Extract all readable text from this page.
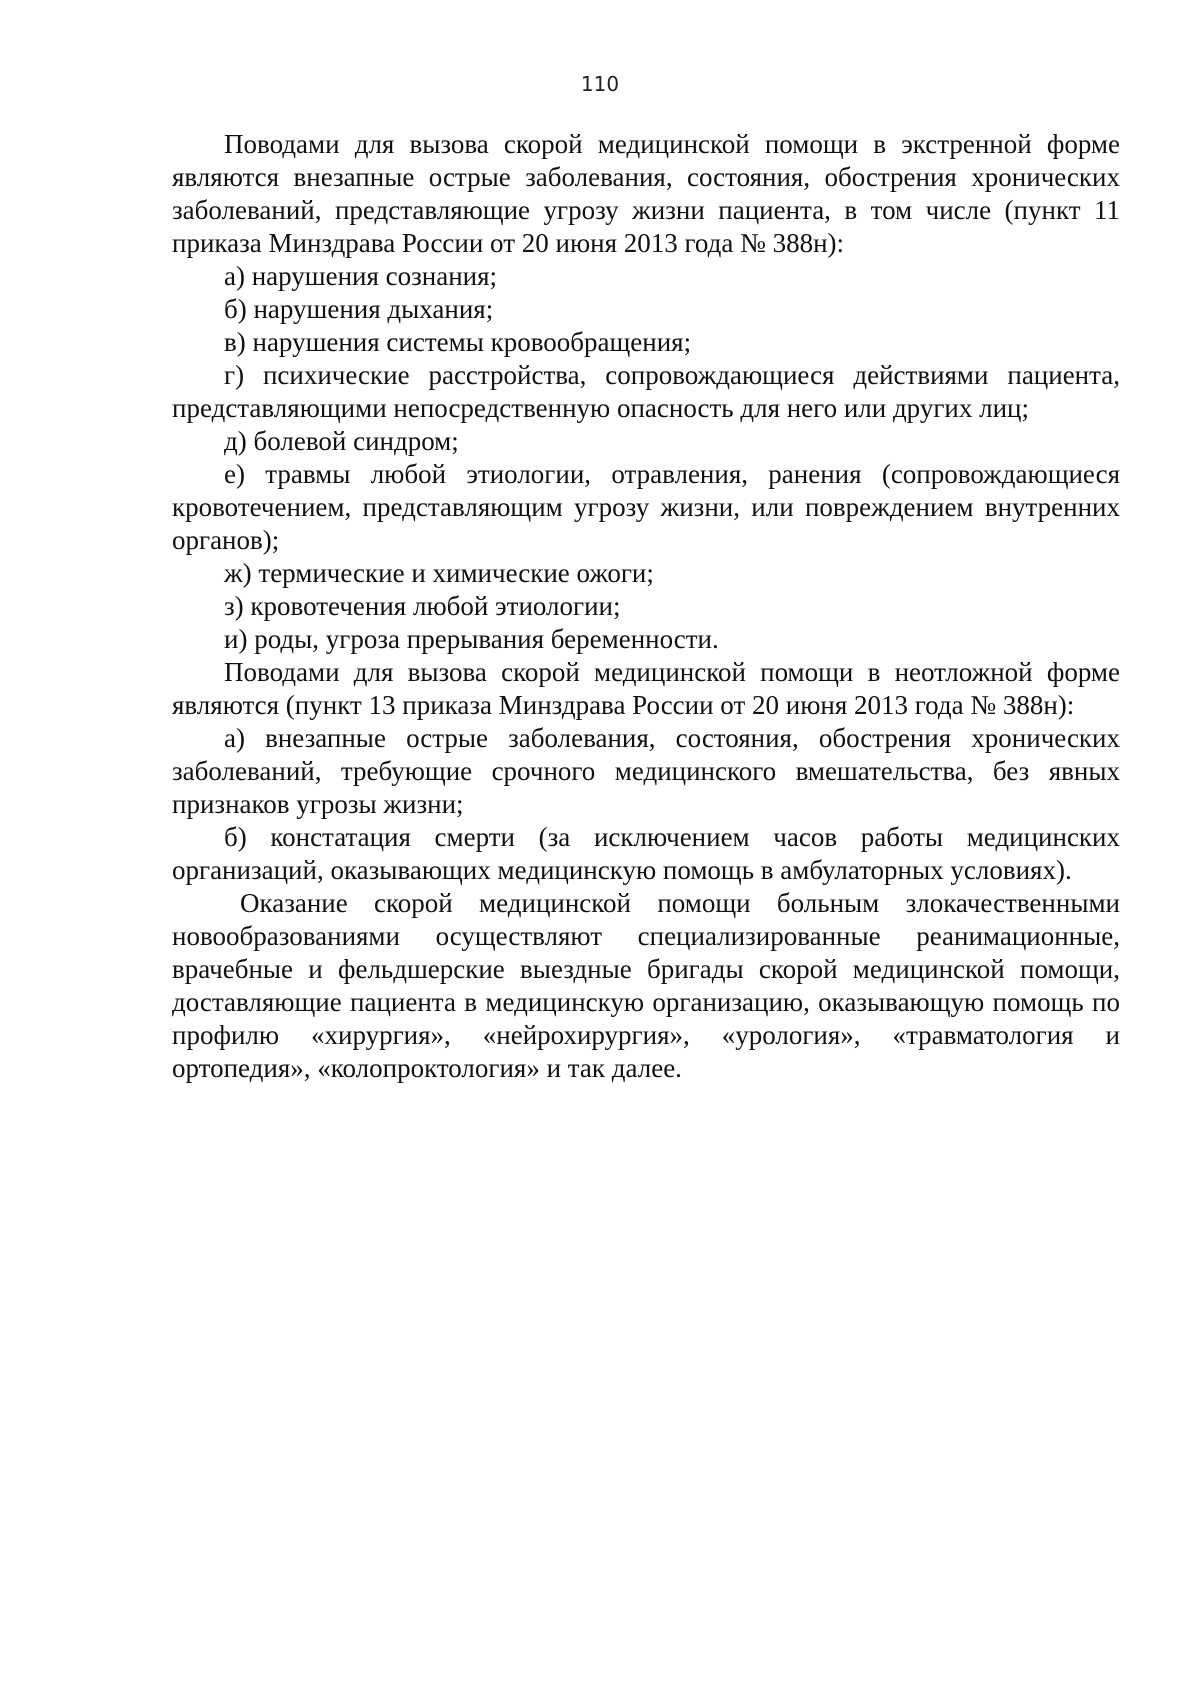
110

Поводами для вызова скорой медицинской помощи в экстренной форме являются внезапные острые заболевания, состояния, обострения хронических заболеваний, представляющие угрозу жизни пациента, в том числе (пункт 11 приказа Минздрава России от 20 июня 2013 года № 388н):

а) нарушения сознания;

б) нарушения дыхания;

в) нарушения системы кровообращения;

г) психические расстройства, сопровождающиеся действиями пациента, представляющими непосредственную опасность для него или других лиц;

д) болевой синдром;

е) травмы любой этиологии, отравления, ранения (сопровождающиеся кровотечением, представляющим угрозу жизни, или повреждением внутренних органов);

ж) термические и химические ожоги;

з) кровотечения любой этиологии;

и) роды, угроза прерывания беременности.

Поводами для вызова скорой медицинской помощи в неотложной форме являются (пункт 13 приказа Минздрава России от 20 июня 2013 года № 388н):

а) внезапные острые заболевания, состояния, обострения хронических заболеваний, требующие срочного медицинского вмешательства, без явных признаков угрозы жизни;

б) констатация смерти (за исключением часов работы медицинских организаций, оказывающих медицинскую помощь в амбулаторных условиях).

Оказание скорой медицинской помощи больным злокачественными новообразованиями осуществляют специализированные реанимационные, врачебные и фельдшерские выездные бригады скорой медицинской помощи, доставляющие пациента в медицинскую организацию, оказывающую помощь по профилю «хирургия», «нейрохирургия», «урология», «травматология и ортопедия», «колопроктология» и так далее.
